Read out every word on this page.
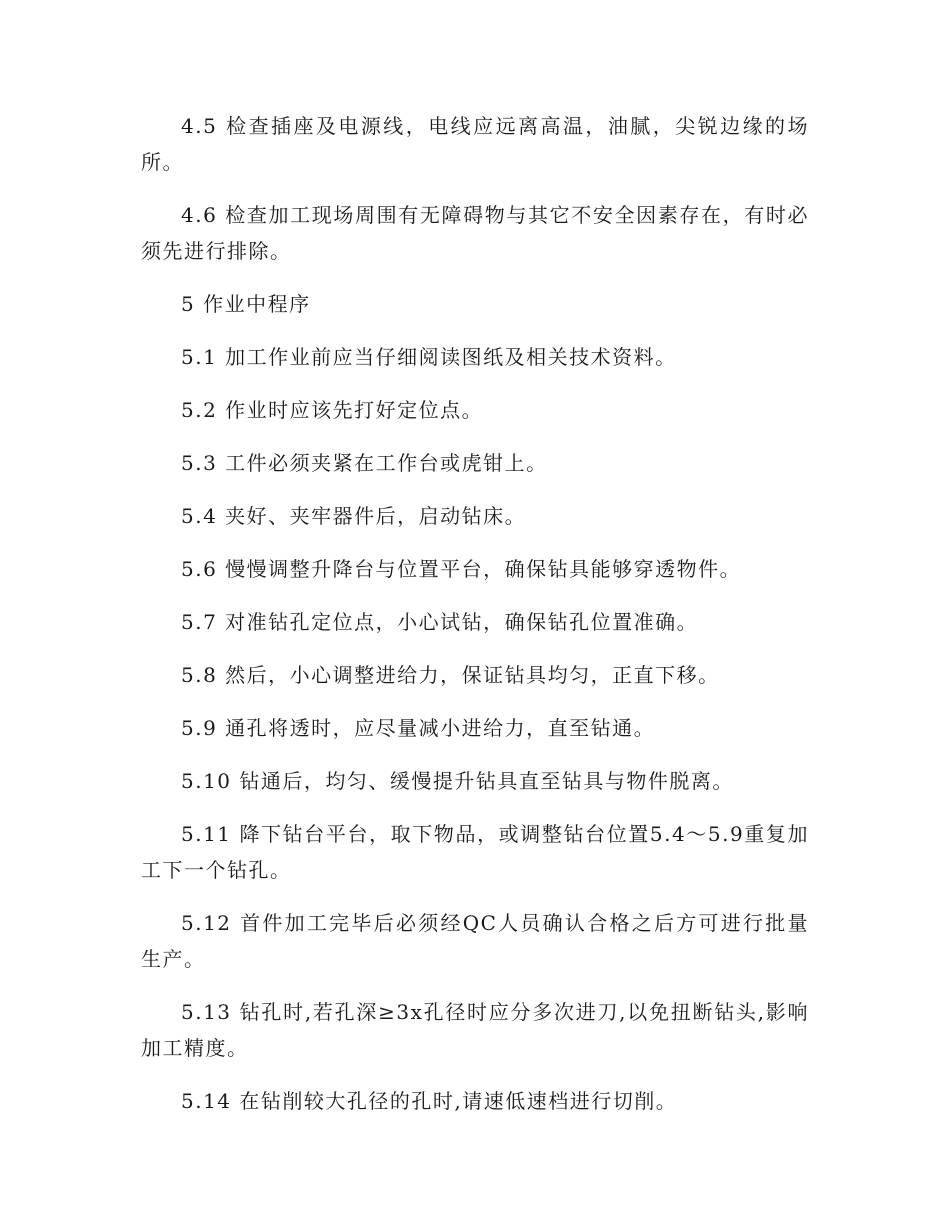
4.5 检查插座及电源线，电线应远离高温，油腻，尖锐边缘的场所。

4.6 检查加工现场周围有无障碍物与其它不安全因素存在，有时必须先进行排除。

5 作业中程序

5.1 加工作业前应当仔细阅读图纸及相关技术资料。

5.2 作业时应该先打好定位点。

5.3 工件必须夹紧在工作台或虎钳上。

5.4 夹好、夹牢器件后，启动钻床。

5.6 慢慢调整升降台与位置平台，确保钻具能够穿透物件。

5.7 对准钻孔定位点，小心试钻，确保钻孔位置准确。

5.8 然后，小心调整进给力，保证钻具均匀，正直下移。

5.9 通孔将透时，应尽量减小进给力，直至钻通。

5.10 钻通后，均匀、缓慢提升钻具直至钻具与物件脱离。

5.11 降下钻台平台，取下物品，或调整钻台位置5.4～5.9重复加工下一个钻孔。

5.12 首件加工完毕后必须经QC人员确认合格之后方可进行批量生产。

5.13 钻孔时,若孔深≥3x孔径时应分多次进刀,以免扭断钻头,影响加工精度。

5.14 在钻削较大孔径的孔时,请速低速档进行切削。
